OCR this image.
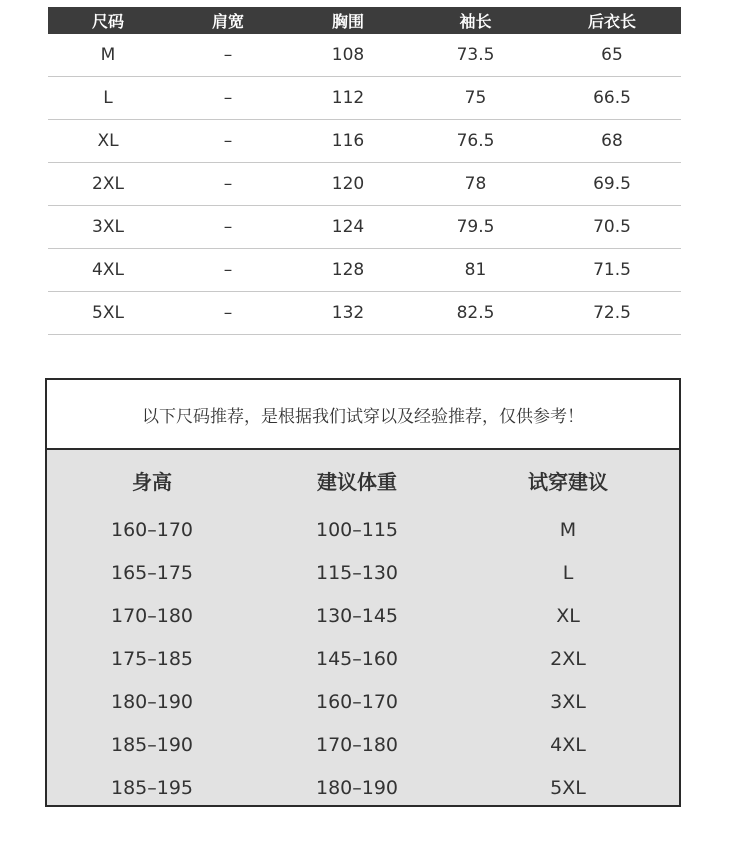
尺码	肩宽	胸围	袖长	后衣长
M	–	108	73.5	65
L	–	112	75	66.5
XL	–	116	76.5	68
2XL	–	120	78	69.5
3XL	–	124	79.5	70.5
4XL	–	128	81	71.5
5XL	–	132	82.5	72.5
以下尺码推荐，是根据我们试穿以及经验推荐，仅供参考！
身高	建议体重	试穿建议
160–170	100–115	M
165–175	115–130	L
170–180	130–145	XL
175–185	145–160	2XL
180–190	160–170	3XL
185–190	170–180	4XL
185–195	180–190	5XL
